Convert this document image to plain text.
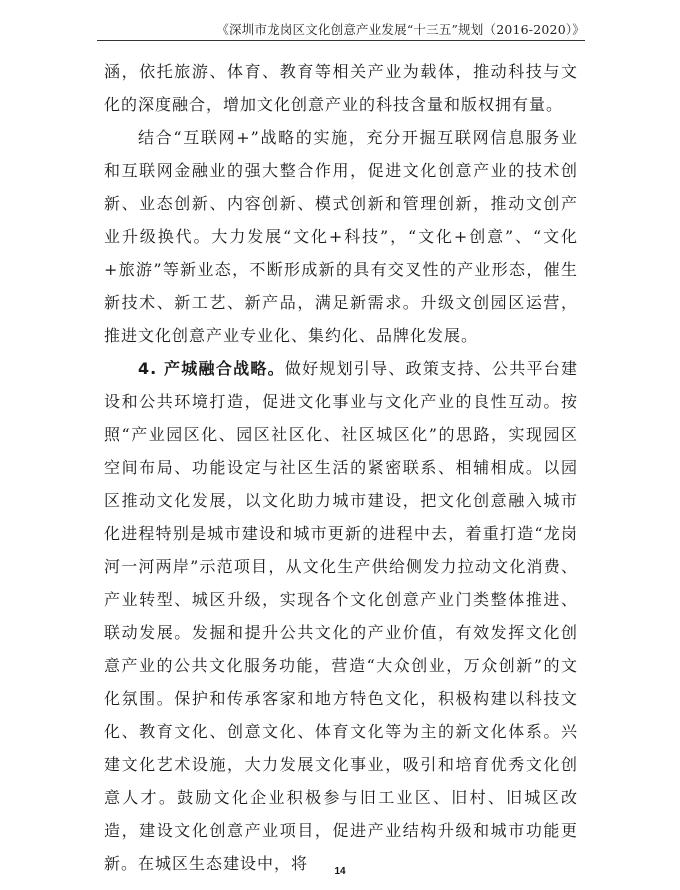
《深圳市龙岗区文化创意产业发展“十三五”规划（2016-2020）》

涵，依托旅游、体育、教育等相关产业为载体，推动科技与文化的深度融合，增加文化创意产业的科技含量和版权拥有量。

结合“互联网+”战略的实施，充分开掘互联网信息服务业和互联网金融业的强大整合作用，促进文化创意产业的技术创新、业态创新、内容创新、模式创新和管理创新，推动文创产业升级换代。大力发展“文化+科技”，“文化+创意”、“文化+旅游”等新业态，不断形成新的具有交叉性的产业形态，催生新技术、新工艺、新产品，满足新需求。升级文创园区运营，推进文化创意产业专业化、集约化、品牌化发展。

4. 产城融合战略。做好规划引导、政策支持、公共平台建设和公共环境打造，促进文化事业与文化产业的良性互动。按照“产业园区化、园区社区化、社区城区化”的思路，实现园区空间布局、功能设定与社区生活的紧密联系、相辅相成。以园区推动文化发展，以文化助力城市建设，把文化创意融入城市化进程特别是城市建设和城市更新的进程中去，着重打造“龙岗河一河两岸”示范项目，从文化生产供给侧发力拉动文化消费、产业转型、城区升级，实现各个文化创意产业门类整体推进、联动发展。发掘和提升公共文化的产业价值，有效发挥文化创意产业的公共文化服务功能，营造“大众创业，万众创新”的文化氛围。保护和传承客家和地方特色文化，积极构建以科技文化、教育文化、创意文化、体育文化等为主的新文化体系。兴建文化艺术设施，大力发展文化事业，吸引和培育优秀文化创意人才。鼓励文化企业积极参与旧工业区、旧村、旧城区改造，建设文化创意产业项目，促进产业结构升级和城市功能更新。在城区生态建设中，将	14
